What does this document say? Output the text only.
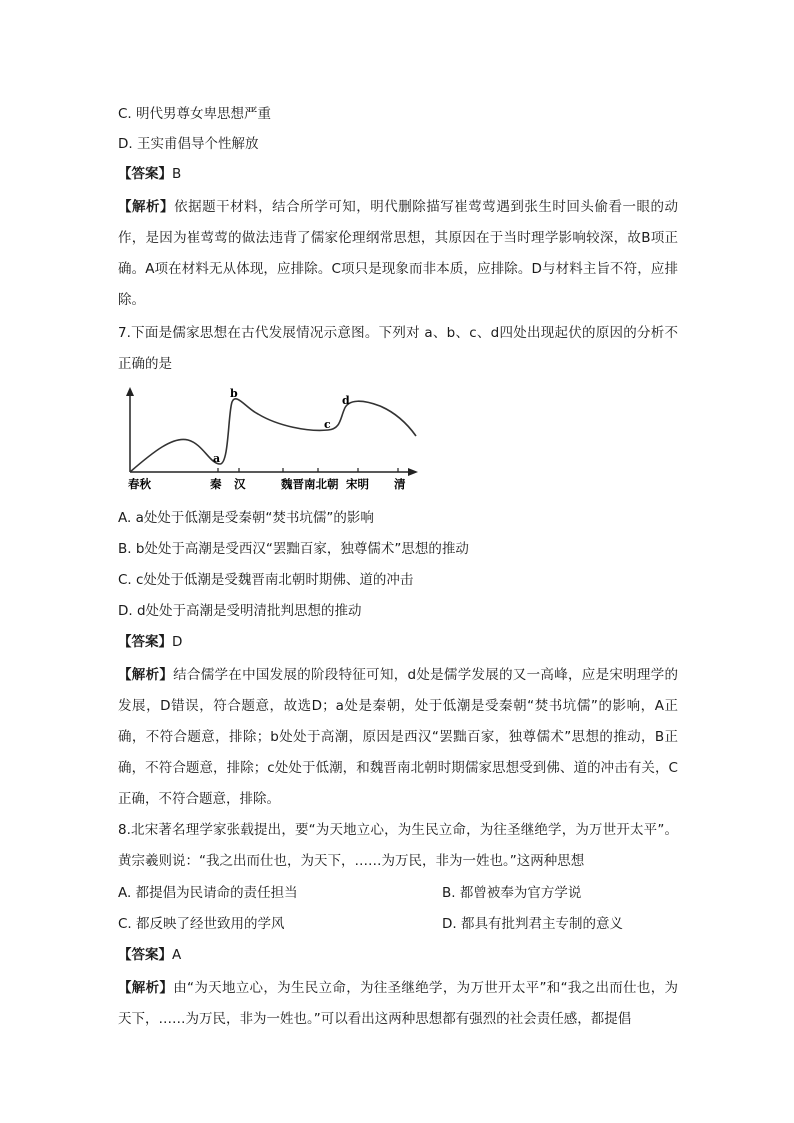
C. 明代男尊女卑思想严重
D. 王实甫倡导个性解放
【答案】B
【解析】依据题干材料，结合所学可知，明代删除描写崔莺莺遇到张生时回头偷看一眼的动作，是因为崔莺莺的做法违背了儒家伦理纲常思想，其原因在于当时理学影响较深，故B项正确。A项在材料无从体现，应排除。C项只是现象而非本质，应排除。D与材料主旨不符，应排除。
7.下面是儒家思想在古代发展情况示意图。下列对 a、b、c、d四处出现起伏的原因的分析不正确的是
a
b
c
d
春秋	秦 汉	魏晋南北朝 宋明 清
A. a处处于低潮是受秦朝“焚书坑儒”的影响
B. b处处于高潮是受西汉“罢黜百家，独尊儒术”思想的推动
C. c处处于低潮是受魏晋南北朝时期佛、道的冲击
D. d处处于高潮是受明清批判思想的推动
【答案】D
【解析】结合儒学在中国发展的阶段特征可知，d处是儒学发展的又一高峰，应是宋明理学的发展，D错误，符合题意，故选D；a处是秦朝，处于低潮是受秦朝“焚书坑儒”的影响，A正确，不符合题意，排除；b处处于高潮，原因是西汉“罢黜百家，独尊儒术”思想的推动，B正确，不符合题意，排除；c处处于低潮，和魏晋南北朝时期儒家思想受到佛、道的冲击有关，C正确，不符合题意，排除。
8.北宋著名理学家张载提出，要“为天地立心，为生民立命，为往圣继绝学，为万世开太平”。黄宗羲则说：“我之出而仕也，为天下，……为万民，非为一姓也。”这两种思想
A. 都提倡为民请命的责任担当	B. 都曾被奉为官方学说
C. 都反映了经世致用的学风	D. 都具有批判君主专制的意义
【答案】A
【解析】由“为天地立心，为生民立命，为往圣继绝学，为万世开太平”和“我之出而仕也，为天下，……为万民，非为一姓也。”可以看出这两种思想都有强烈的社会责任感，都提倡
